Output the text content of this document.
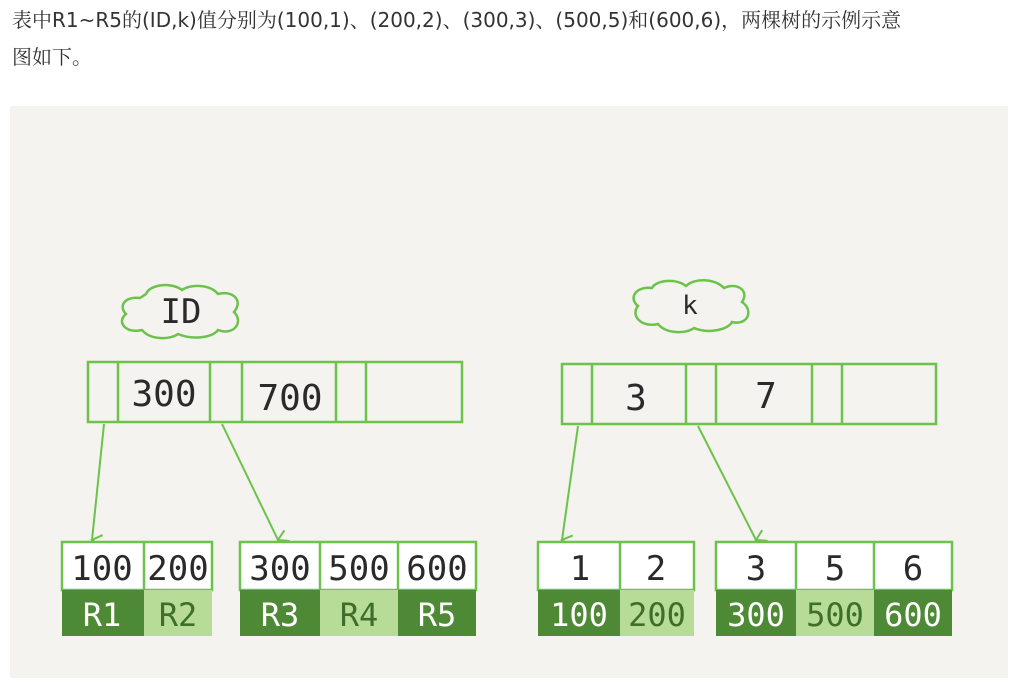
表中R1~R5的(ID,k)值分别为(100,1)、(200,2)、(300,3)、(500,5)和(600,6)，两棵树的示例示意
图如下。
ID
300 700
100 200
R1 R2
300 500 600
R3 R4 R5
k
3	7
1 2
100 200
3 5 6
300 500 600
